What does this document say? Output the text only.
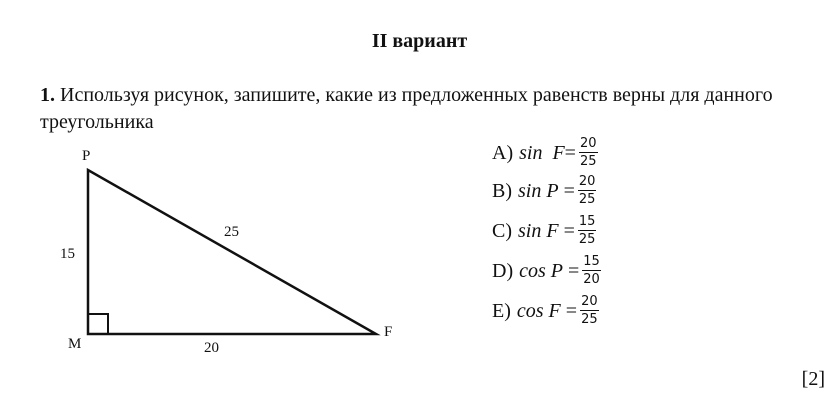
II вариант
1. Используя рисунок, запишите, какие из предложенных равенств верны для данного треугольника
P
M
F
15
20
25
A) $\sin F = \frac{20}{25}$
B) $\sin P = \frac{20}{25}$
C) $\sin F = \frac{15}{25}$
D) $\cos P = \frac{15}{20}$
E) $\cos F = \frac{20}{25}$
[2]
